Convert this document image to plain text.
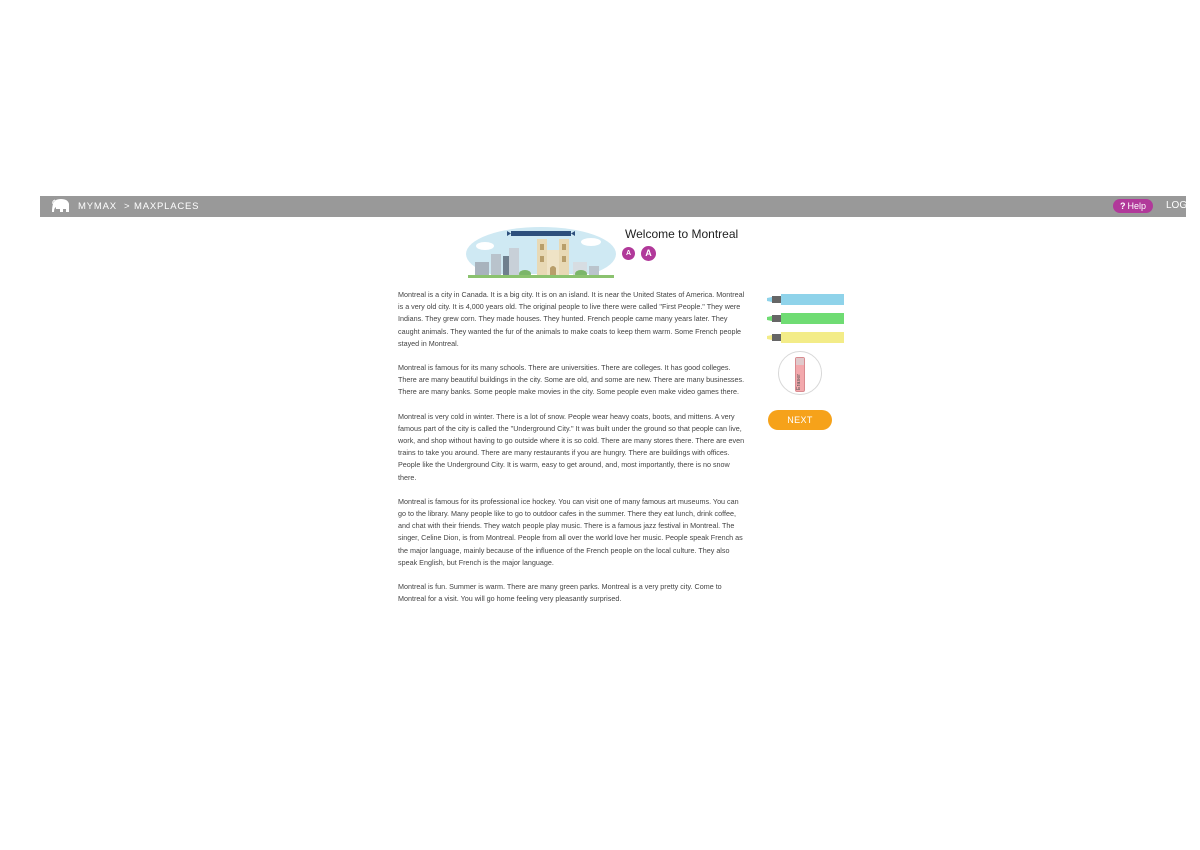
MYMAX > MAXPLACES	? Help	LOG
Welcome to Montreal
A	A

Montreal is a city in Canada. It is a big city. It is on an island. It is near the United States of America. Montreal is a very old city. It is 4,000 years old. The original people to live there were called "First People." They were Indians. They grew corn. They made houses. They hunted. French people came many years later. They caught animals. They wanted the fur of the animals to make coats to keep them warm. Some French people stayed in Montreal.

Montreal is famous for its many schools. There are universities. There are colleges. It has good colleges. There are many beautiful buildings in the city. Some are old, and some are new. There are many businesses. There are many banks. Some people make movies in the city. Some people even make video games there.

Montreal is very cold in winter. There is a lot of snow. People wear heavy coats, boots, and mittens. A very famous part of the city is called the "Underground City." It was built under the ground so that people can live, work, and shop without having to go outside where it is so cold. There are many stores there. There are even trains to take you around. There are many restaurants if you are hungry. There are buildings with offices. People like the Underground City. It is warm, easy to get around, and, most importantly, there is no snow there.

Montreal is famous for its professional ice hockey. You can visit one of many famous art museums. You can go to the library. Many people like to go to outdoor cafes in the summer. There they eat lunch, drink coffee, and chat with their friends. They watch people play music. There is a famous jazz festival in Montreal. The singer, Celine Dion, is from Montreal. People from all over the world love her music. People speak French as the major language, mainly because of the influence of the French people on the local culture. They also speak English, but French is the major language.

Montreal is fun. Summer is warm. There are many green parks. Montreal is a very pretty city. Come to Montreal for a visit. You will go home feeling very pleasantly surprised.

Eraser
NEXT
